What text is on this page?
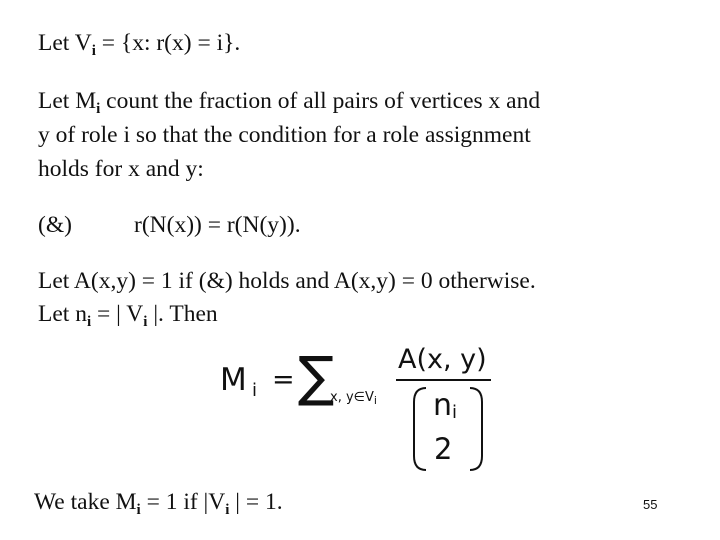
Let $V_i = \{x$: r(x) = i}.
Let $M_i$ count the fraction of all pairs of vertices x and
y of role i so that the condition for a role assignment
holds for x and y:
(&)	r(N(x)) = r(N(y)).
Let A(x,y) = 1 if (&) holds and A(x,y) = 0 otherwise.
Let $n_i$ = | $V_i$ |. Then
M i = ∑
x, $y\in V_i$
A(x, y)
n i
2
We take $M_i = 1$ if $|V_i$ | = 1.	55
